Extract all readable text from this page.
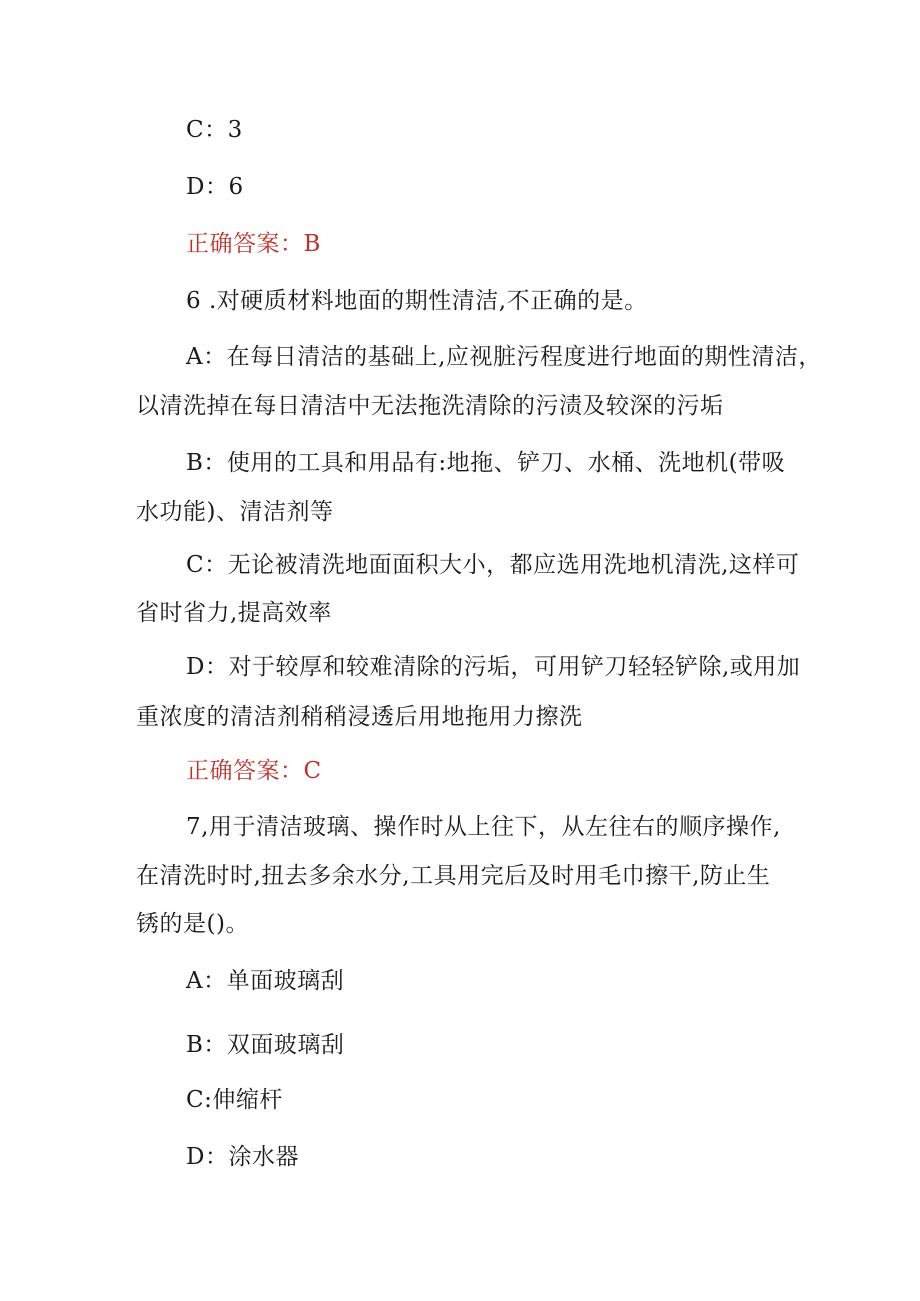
C：3
D：6
正确答案：B
6 .对硬质材料地面的期性清洁,不正确的是。
A：在每日清洁的基础上,应视脏污程度进行地面的期性清洁，
以清洗掉在每日清洁中无法拖洗清除的污渍及较深的污垢
B：使用的工具和用品有:地拖、铲刀、水桶、洗地机(带吸
水功能)、清洁剂等
C：无论被清洗地面面积大小，都应选用洗地机清洗,这样可
省时省力,提高效率
D：对于较厚和较难清除的污垢，可用铲刀轻轻铲除,或用加
重浓度的清洁剂稍稍浸透后用地拖用力擦洗
正确答案：C
7,用于清洁玻璃、操作时从上往下，从左往右的顺序操作,
在清洗时时,扭去多余水分,工具用完后及时用毛巾擦干,防止生
锈的是()。
A：单面玻璃刮
B：双面玻璃刮
C:伸缩杆
D：涂水器
